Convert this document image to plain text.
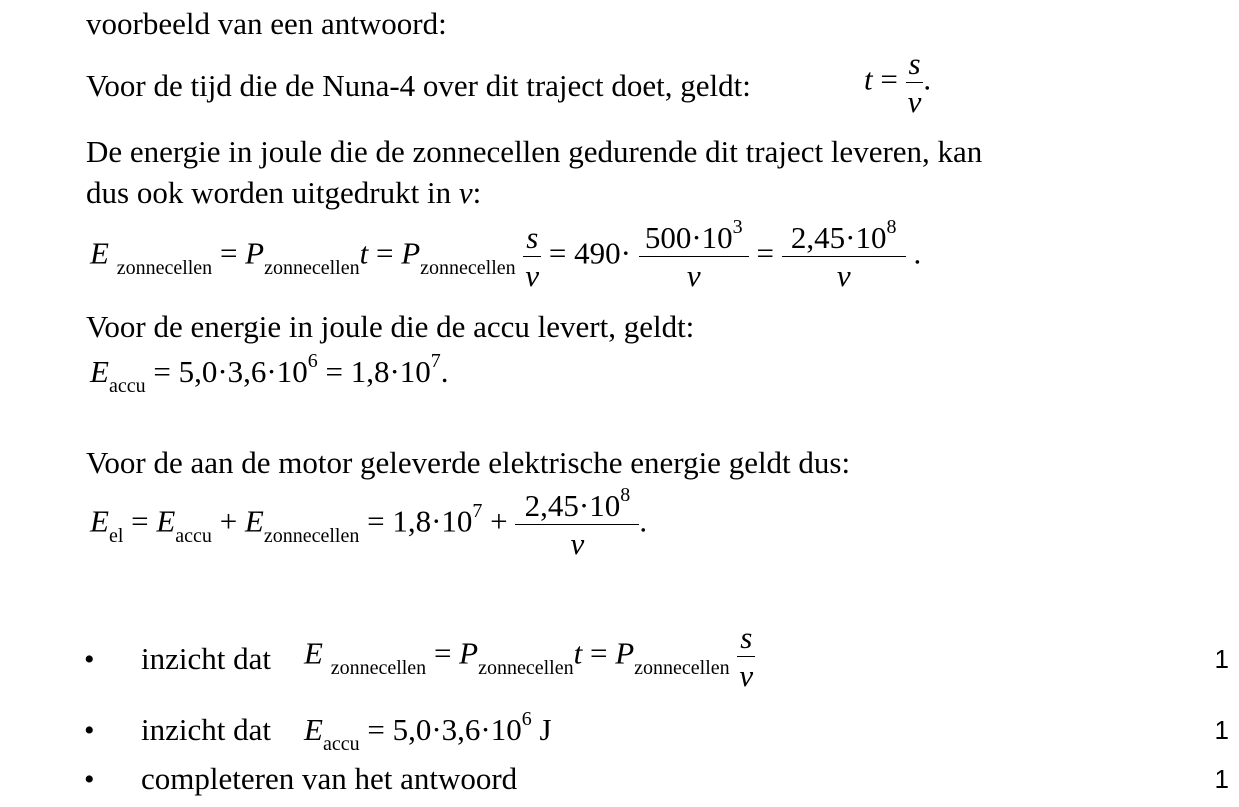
voorbeeld van een antwoord:
Voor de tijd die de Nuna-4 over dit traject doet, geldt:	$t = \frac{s}{v}$ .
De energie in joule die de zonnecellen gedurende dit traject leveren, kan
dus ook worden uitgedrukt in v:
E $_{zonnecellen} = P_{zonnecellen}t = P_{zonnecellen} \frac{s}{v} = 490\cdot \frac{500\cdot 10^3}{v} = \frac{2,45\cdot 10^8}{v}$ .
Voor de energie in joule die de accu levert, geldt:
$E_{accu} = 5,0\cdot 3,6\cdot 10^6 = 1,8\cdot 10^7$.
Voor de aan de motor geleverde elektrische energie geldt dus:
$E_{el} = E_{accu} + E_{zonnecellen} = 1,8\cdot 10^7 + \frac{2,45\cdot 10^8}{v}$ .
• inzicht dat E $_{zonnecellen} = P_{zonnecellen}t = P_{zonnecellen} \frac{s}{v}$	1
• inzicht dat $E_{accu} = 5,0\cdot 3,6\cdot 10^6$ J	1
• completeren van het antwoord	1
